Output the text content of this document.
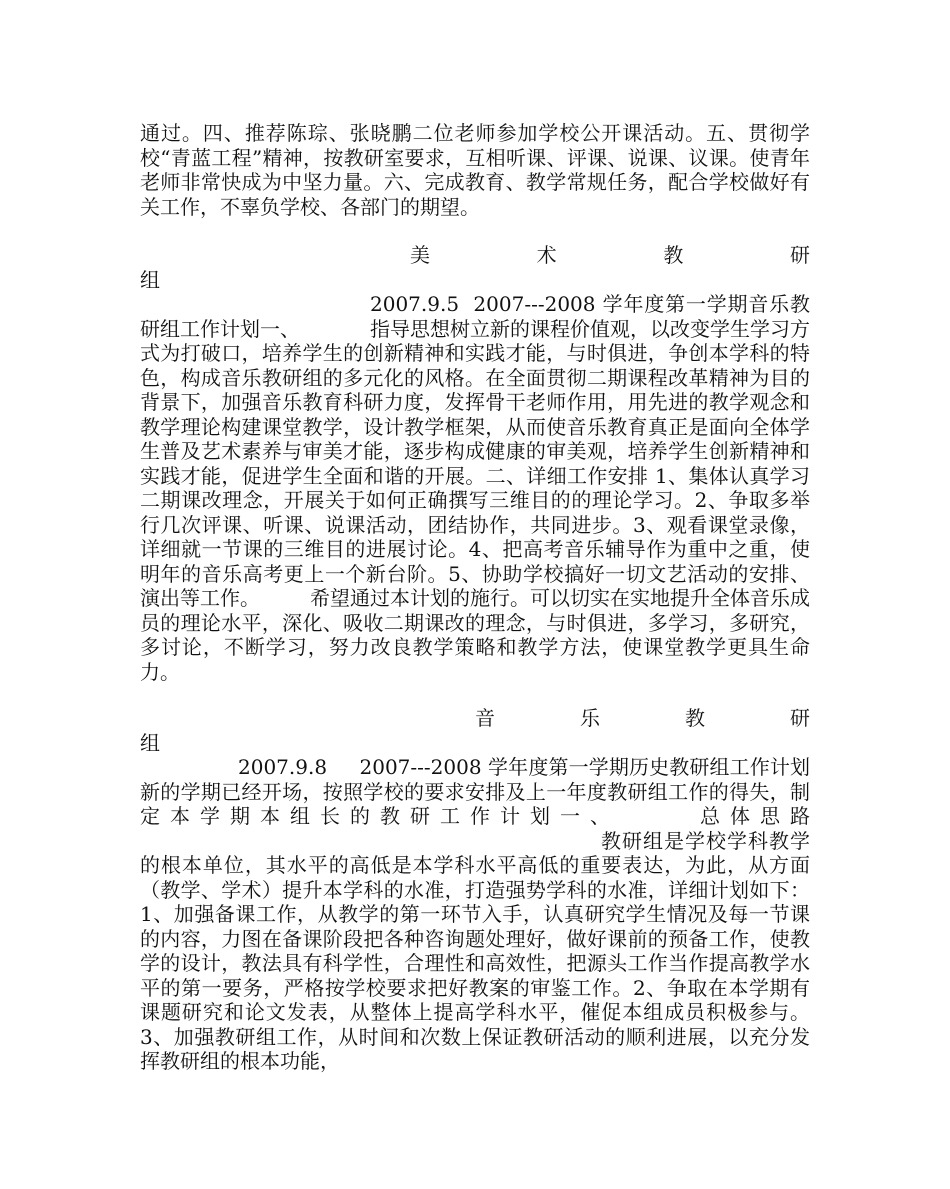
通过。四、推荐陈琮、张晓鹏二位老师参加学校公开课活动。五、贯彻学校“青蓝工程”精神，按教研室要求，互相听课、评课、说课、议课。使青年老师非常快成为中坚力量。六、完成教育、教学常规任务，配合学校做好有关工作，不辜负学校、各部门的期望。

美	术	教	研

组

2007.9.5 2007---2008 学年度第一学期音乐教研组工作计划一、　　　　指导思想树立新的课程价值观，以改变学生学习方式为打破口，培养学生的创新精神和实践才能，与时俱进，争创本学科的特色，构成音乐教研组的多元化的风格。在全面贯彻二期课程改革精神为目的背景下，加强音乐教育科研力度，发挥骨干老师作用，用先进的教学观念和教学理论构建课堂教学，设计教学框架，从而使音乐教育真正是面向全体学生普及艺术素养与审美才能，逐步构成健康的审美观，培养学生创新精神和实践才能，促进学生全面和谐的开展。二、详细工作安排 1、集体认真学习二期课改理念，开展关于如何正确撰写三维目的的理论学习。2、争取多举行几次评课、听课、说课活动，团结协作，共同进步。3、观看课堂录像，详细就一节课的三维目的进展讨论。4、把高考音乐辅导作为重中之重，使明年的音乐高考更上一个新台阶。5、协助学校搞好一切文艺活动的安排、演出等工作。　　　希望通过本计划的施行。可以切实在实地提升全体音乐成员的理论水平，深化、吸收二期课改的理念，与时俱进，多学习，多研究，多讨论，不断学习，努力改良教学策略和教学方法，使课堂教学更具生命力。

音	乐	教	研

组

2007.9.8 2007---2008 学年度第一学期历史教研组工作计划新的学期已经开场，按照学校的要求安排及上一年度教研组工作的得失，制定本学期本组长的教研工作计划一、　　　总体思路教研组是学校学科教学的根本单位，其水平的高低是本学科水平高低的重要表达，为此，从方面（教学、学术）提升本学科的水准，打造强势学科的水准，详细计划如下：1、加强备课工作，从教学的第一环节入手，认真研究学生情况及每一节课的内容，力图在备课阶段把各种咨询题处理好，做好课前的预备工作，使教学的设计，教法具有科学性，合理性和高效性，把源头工作当作提高教学水平的第一要务，严格按学校要求把好教案的审鉴工作。2、争取在本学期有课题研究和论文发表，从整体上提高学科水平，催促本组成员积极参与。3、加强教研组工作，从时间和次数上保证教研活动的顺利进展，以充分发挥教研组的根本功能，
